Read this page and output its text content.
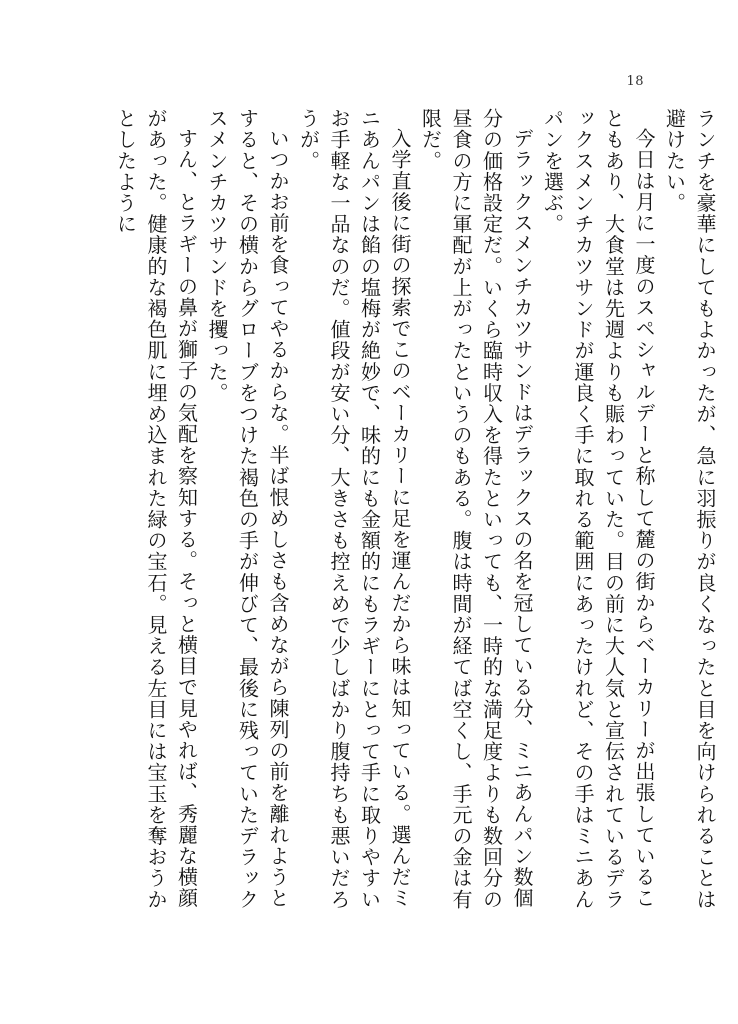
18

ランチを豪華にしてもよかったが、急に羽振りが良くなったと目を向けられることは避けたい。

今日は月に一度のスペシャルデーと称して麓の街からベーカリーが出張していることもあり、大食堂は先週よりも賑わっていた。目の前に大人気と宣伝されているデラックスメンチカツサンドが運良く手に取れる範囲にあったけれど、その手はミニあんパンを選ぶ。

デラックスメンチカツサンドはデラックスの名を冠している分、ミニあんパン数個分の価格設定だ。いくら臨時収入を得たといっても、一時的な満足度よりも数回分の昼食の方に軍配が上がったというのもある。腹は時間が経てば空くし、手元の金は有限だ。

入学直後に街の探索でこのベーカリーに足を運んだから味は知っている。選んだミニあんパンは餡の塩梅が絶妙で、味的にも金額的にもラギーにとって手に取りやすいお手軽な一品なのだ。値段が安い分、大きさも控えめで少しばかり腹持ちも悪いだろうが。

いつかお前を食ってやるからな。半ば恨めしさも含めながら陳列の前を離れようとすると、その横からグローブをつけた褐色の手が伸びて、最後に残っていたデラックスメンチカツサンドを攫った。

すん、とラギーの鼻が獅子の気配を察知する。そっと横目で見やれば、秀麗な横顔があった。健康的な褐色肌に埋め込まれた緑の宝石。見える左目には宝玉を奪おうかとしたように
